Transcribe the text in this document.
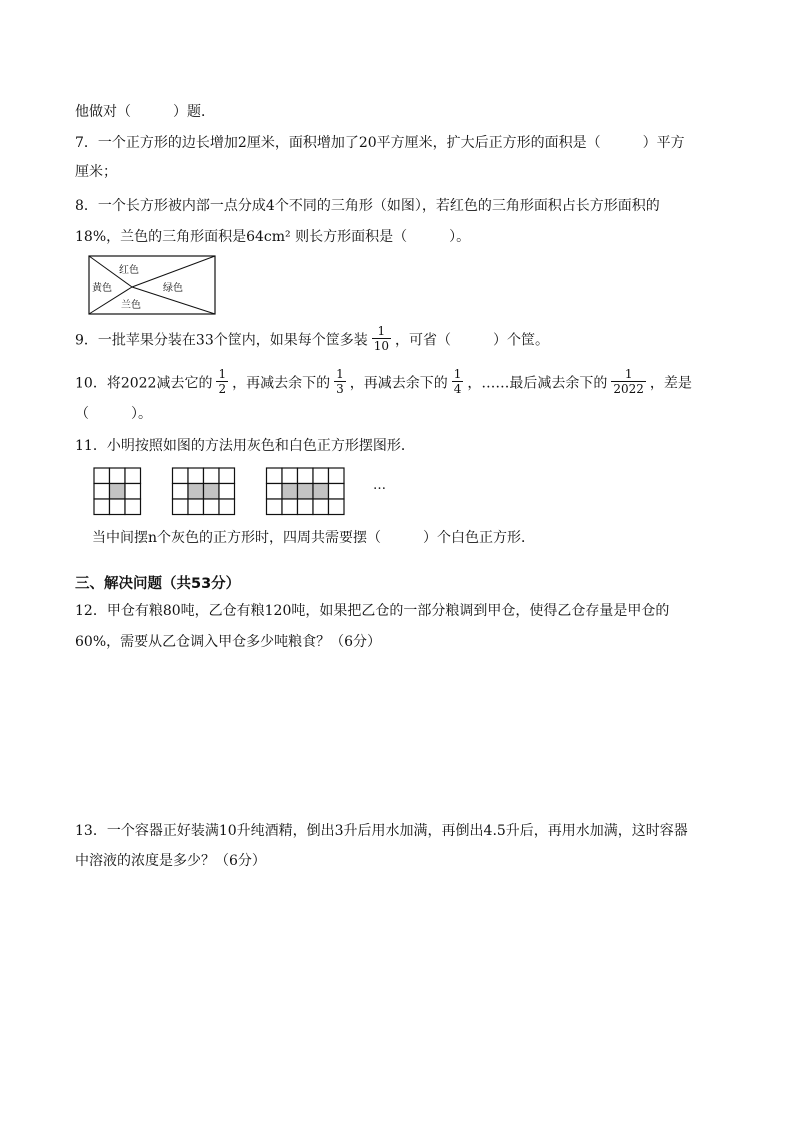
他做对（　　　）题．
7．一个正方形的边长增加2厘米，面积增加了20平方厘米，扩大后正方形的面积是（　　　）平方
厘米；
8．一个长方形被内部一点分成4个不同的三角形（如图），若红色的三角形面积占长方形面积的
18%，兰色的三角形面积是64cm² 则长方形面积是（　　　）。
红色
黄色	绿色
兰色
9．一批苹果分装在33个筐内，如果每个筐多装 $\frac{1}{10}$ ，可省（　　　）个筐。
10．将2022减去它的 $\frac{1}{2}$ ，再减去余下的 $\frac{1}{3}$ ，再减去余下的 $\frac{1}{4}$ ，……最后减去余下的 $\frac{1}{2022}$ ，差是
（　　　）。
11．小明按照如图的方法用灰色和白色正方形摆图形．
…
当中间摆n个灰色的正方形时，四周共需要摆（　　　）个白色正方形．
三、解决问题（共53分）
12．甲仓有粮80吨，乙仓有粮120吨，如果把乙仓的一部分粮调到甲仓，使得乙仓存量是甲仓的
60%，需要从乙仓调入甲仓多少吨粮食？（6分）
13．一个容器正好装满10升纯酒精，倒出3升后用水加满，再倒出4.5升后，再用水加满，这时容器
中溶液的浓度是多少？（6分）
